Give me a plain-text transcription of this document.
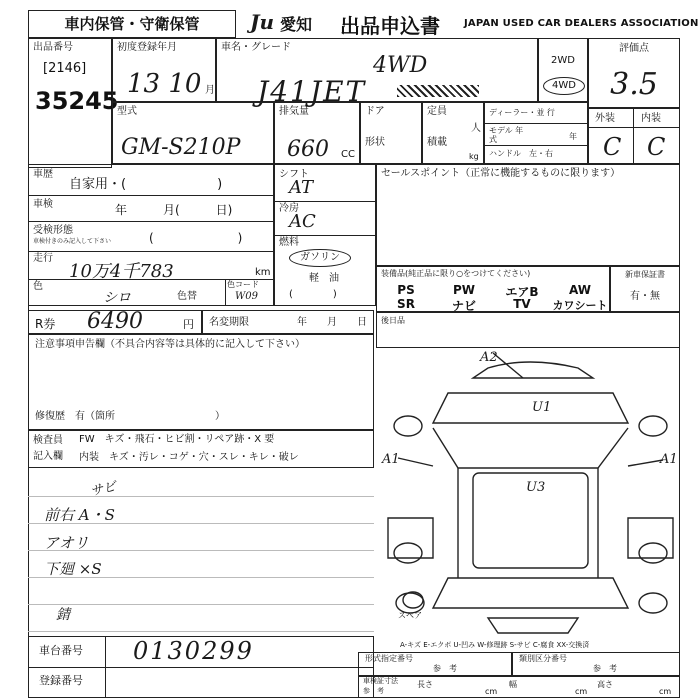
車内保管・守衛保管	Ju 愛知 出品申込書 JAPAN USED CAR DEALERS ASSOCIATION
出品番号
[2146]
35245
初度登録年月
13 10 月
車名・グレード
4WD
J41JET
2WD
4WD
評価点
3.5
外装	内装
C C
型式
GM-S210P
排気量
660 CC
ドア
形状
定員
人
積載
kg
ディーラー・並 行
モデル 年式	年
ハンドル　左・右
車歴
自家用・(　　　　　　　)
車検	年　　　月(　　　日)
受検形態
車検付きのみ記入して下さい	(　　　　　　　)
走行
10万4千783	km
色
シロ	色替
色コード
W09
シフト
AT
冷房
AC
燃料
ガソリン
軽　油
(　　　　)
セールスポイント（正常に機能するものに限ります）
装備品(純正品に限り○をつけてください)
PS	PW	エアB	AW
SR	ナビ	TV	カワシート
新車保証書
有・無
R券 6490	円 名変期限	年　　月　　日 後日品
注意事項申告欄（不具合内容等は具体的に記入して下さい）
修復歴　有（箇所　　　　　　　　　　）
検査員
記入欄
FW　キズ・飛石・ヒビ割・リペア跡・X 要
内装　キズ・汚レ・コゲ・穴・スレ・キレ・破レ
サビ
前右 A・S
アオリ
下廻 ×S
錆
車台番号 0130299
登録番号
A2
U1
U3
A1	A1
スペア
A-キズ E-エクボ U-凹み W-修理跡 S-サビ C-腐食 XX-交換済
形式指定番号
参　考
類別区分番号
参　考
車検証寸法
参　考
長さ
cm
幅
cm
高さ
cm
